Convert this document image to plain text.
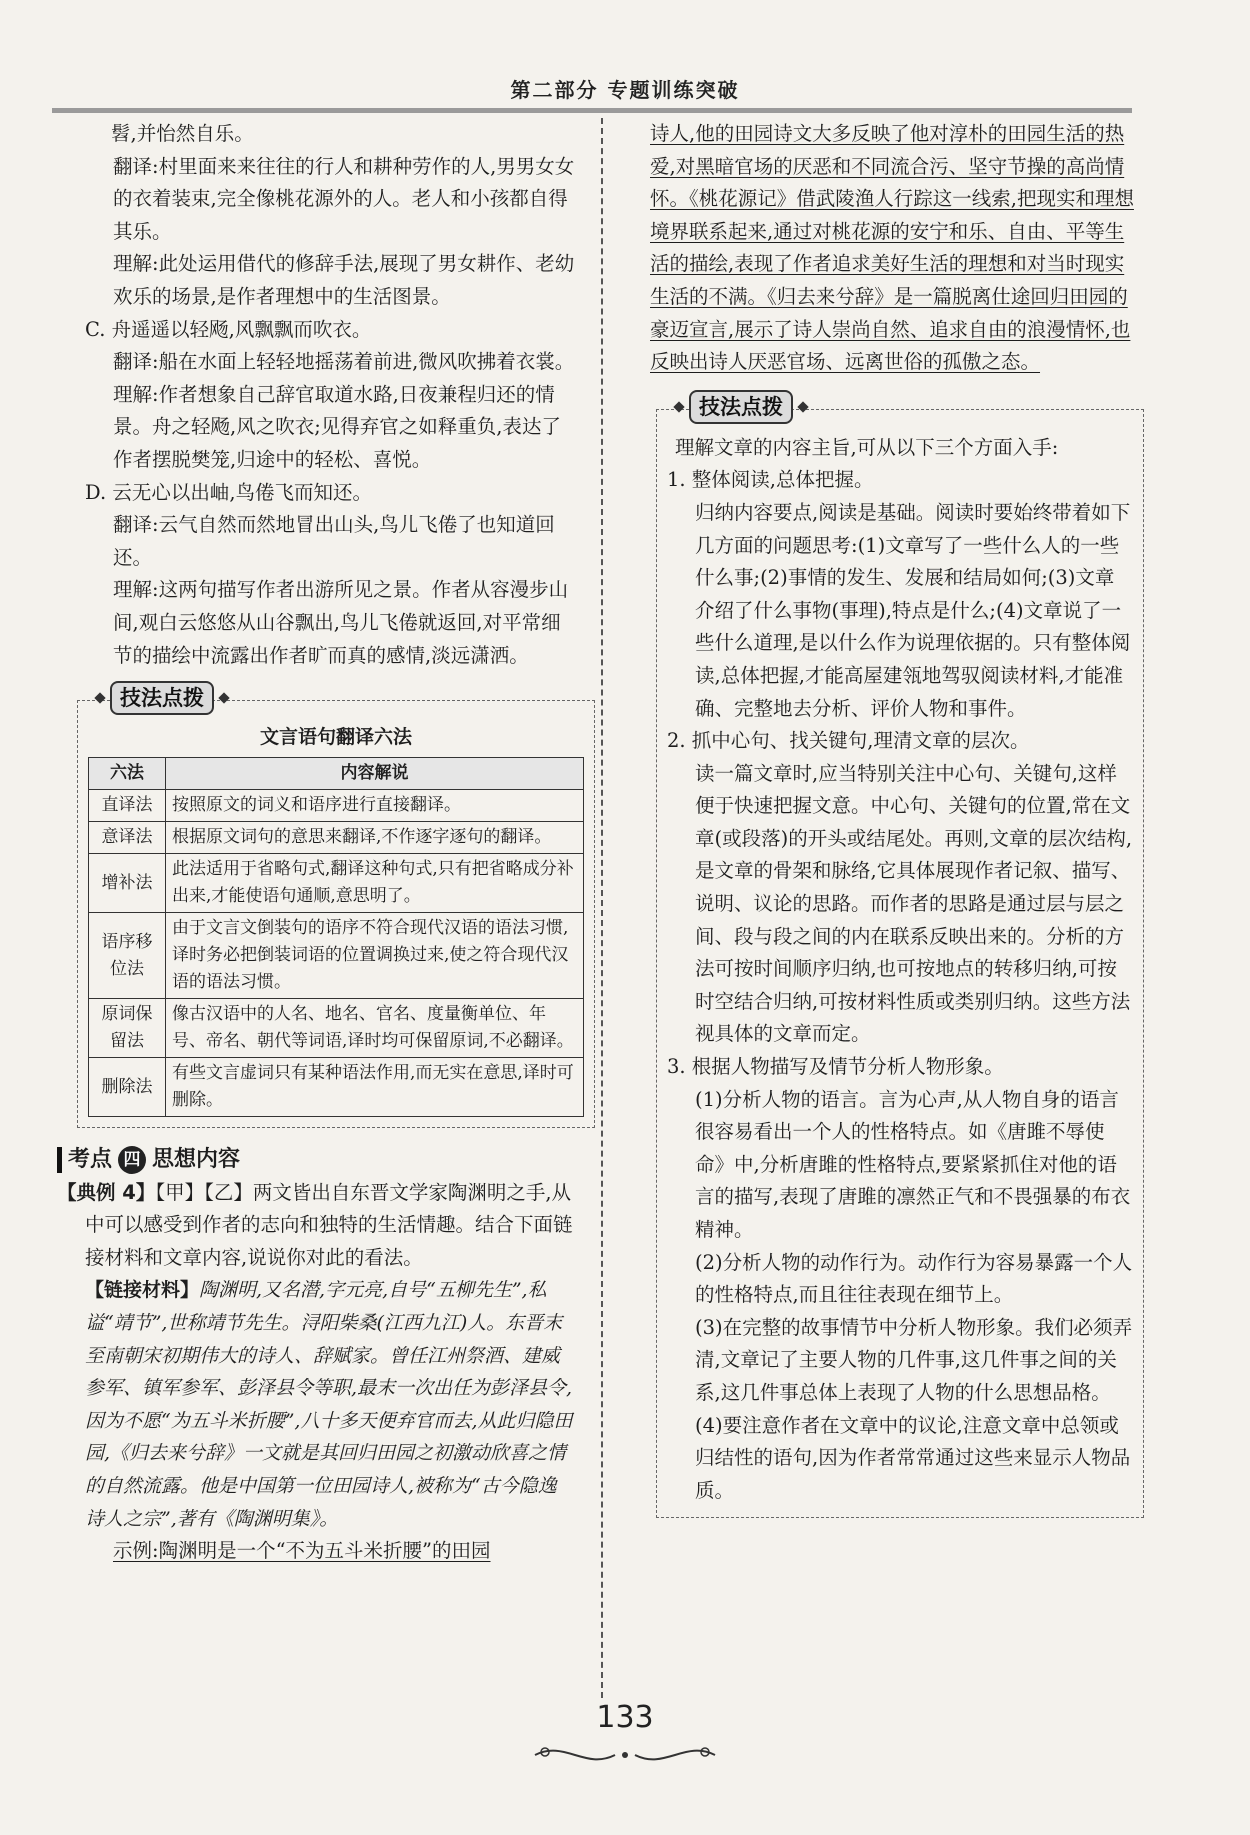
第二部分 专题训练突破

髫,并怡然自乐。

翻译:村里面来来往往的行人和耕种劳作的人,男男女女的衣着装束,完全像桃花源外的人。老人和小孩都自得其乐。

理解:此处运用借代的修辞手法,展现了男女耕作、老幼欢乐的场景,是作者理想中的生活图景。

C. 舟遥遥以轻飏,风飘飘而吹衣。

翻译:船在水面上轻轻地摇荡着前进,微风吹拂着衣裳。

理解:作者想象自己辞官取道水路,日夜兼程归还的情景。舟之轻飏,风之吹衣;见得弃官之如释重负,表达了作者摆脱樊笼,归途中的轻松、喜悦。

D. 云无心以出岫,鸟倦飞而知还。

翻译:云气自然而然地冒出山头,鸟儿飞倦了也知道回还。

理解:这两句描写作者出游所见之景。作者从容漫步山间,观白云悠悠从山谷飘出,鸟儿飞倦就返回,对平常细节的描绘中流露出作者旷而真的感情,淡远潇洒。

技法点拨
文言语句翻译六法
六法	内容解说
直译法	按照原文的词义和语序进行直接翻译。
意译法	根据原文词句的意思来翻译,不作逐字逐句的翻译。
增补法	此法适用于省略句式,翻译这种句式,只有把省略成分补出来,才能使语句通顺,意思明了。
语序移位法	由于文言文倒装句的语序不符合现代汉语的语法习惯,译时务必把倒装词语的位置调换过来,使之符合现代汉语的语法习惯。
原词保留法	像古汉语中的人名、地名、官名、度量衡单位、年号、帝名、朝代等词语,译时均可保留原词,不必翻译。
删除法	有些文言虚词只有某种语法作用,而无实在意思,译时可删除。
考点 四 思想内容

【典例 4】【甲】【乙】两文皆出自东晋文学家陶渊明之手,从中可以感受到作者的志向和独特的生活情趣。结合下面链接材料和文章内容,说说你对此的看法。

【链接材料】陶渊明,又名潜,字元亮,自号“五柳先生”,私谥“靖节”,世称靖节先生。浔阳柴桑(江西九江)人。东晋末至南朝宋初期伟大的诗人、辞赋家。曾任江州祭酒、建威参军、镇军参军、彭泽县令等职,最末一次出任为彭泽县令,因为不愿“为五斗米折腰”,八十多天便弃官而去,从此归隐田园,《归去来兮辞》一文就是其回归田园之初激动欣喜之情的自然流露。他是中国第一位田园诗人,被称为“古今隐逸诗人之宗”,著有《陶渊明集》。

示例:陶渊明是一个“不为五斗米折腰”的田园

诗人,他的田园诗文大多反映了他对淳朴的田园生活的热爱,对黑暗官场的厌恶和不同流合污、坚守节操的高尚情怀。《桃花源记》借武陵渔人行踪这一线索,把现实和理想境界联系起来,通过对桃花源的安宁和乐、自由、平等生活的描绘,表现了作者追求美好生活的理想和对当时现实生活的不满。《归去来兮辞》是一篇脱离仕途回归田园的豪迈宣言,展示了诗人崇尚自然、追求自由的浪漫情怀,也反映出诗人厌恶官场、远离世俗的孤傲之态。

技法点拨

理解文章的内容主旨,可从以下三个方面入手:

1. 整体阅读,总体把握。

归纳内容要点,阅读是基础。阅读时要始终带着如下几方面的问题思考:(1)文章写了一些什么人的一些什么事;(2)事情的发生、发展和结局如何;(3)文章介绍了什么事物(事理),特点是什么;(4)文章说了一些什么道理,是以什么作为说理依据的。只有整体阅读,总体把握,才能高屋建瓴地驾驭阅读材料,才能准确、完整地去分析、评价人物和事件。

2. 抓中心句、找关键句,理清文章的层次。

读一篇文章时,应当特别关注中心句、关键句,这样便于快速把握文意。中心句、关键句的位置,常在文章(或段落)的开头或结尾处。再则,文章的层次结构,是文章的骨架和脉络,它具体展现作者记叙、描写、说明、议论的思路。而作者的思路是通过层与层之间、段与段之间的内在联系反映出来的。分析的方法可按时间顺序归纳,也可按地点的转移归纳,可按时空结合归纳,可按材料性质或类别归纳。这些方法视具体的文章而定。

3. 根据人物描写及情节分析人物形象。

(1)分析人物的语言。言为心声,从人物自身的语言很容易看出一个人的性格特点。如《唐雎不辱使命》中,分析唐雎的性格特点,要紧紧抓住对他的语言的描写,表现了唐雎的凛然正气和不畏强暴的布衣精神。

(2)分析人物的动作行为。动作行为容易暴露一个人的性格特点,而且往往表现在细节上。

(3)在完整的故事情节中分析人物形象。我们必须弄清,文章记了主要人物的几件事,这几件事之间的关系,这几件事总体上表现了人物的什么思想品格。

(4)要注意作者在文章中的议论,注意文章中总领或归结性的语句,因为作者常常通过这些来显示人物品质。

133
